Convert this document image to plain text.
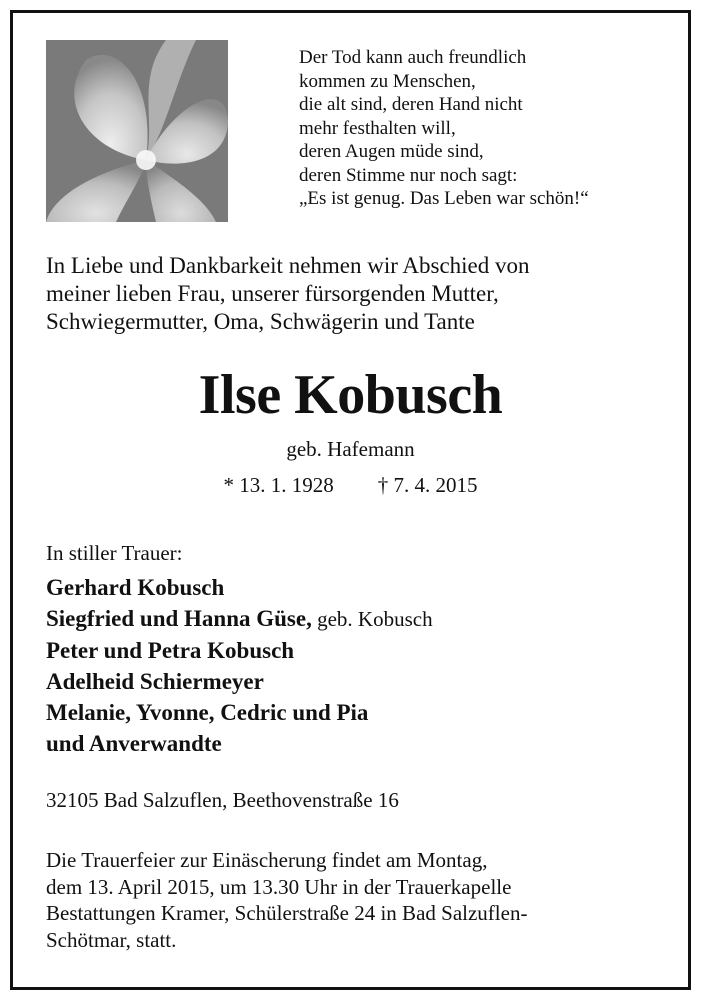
Der Tod kann auch freundlich
kommen zu Menschen,
die alt sind, deren Hand nicht
mehr festhalten will,
deren Augen müde sind,
deren Stimme nur noch sagt:
„Es ist genug. Das Leben war schön!“
In Liebe und Dankbarkeit nehmen wir Abschied von
meiner lieben Frau, unserer fürsorgenden Mutter,
Schwiegermutter, Oma, Schwägerin und Tante
Ilse Kobusch
geb. Hafemann
* 13. 1. 1928 † 7. 4. 2015
In stiller Trauer:
Gerhard Kobusch
Siegfried und Hanna Güse, geb. Kobusch
Peter und Petra Kobusch
Adelheid Schiermeyer
Melanie, Yvonne, Cedric und Pia
und Anverwandte
32105 Bad Salzuflen, Beethovenstraße 16
Die Trauerfeier zur Einäscherung findet am Montag,
dem 13. April 2015, um 13.30 Uhr in der Trauerkapelle
Bestattungen Kramer, Schülerstraße 24 in Bad Salzuflen-
Schötmar, statt.
